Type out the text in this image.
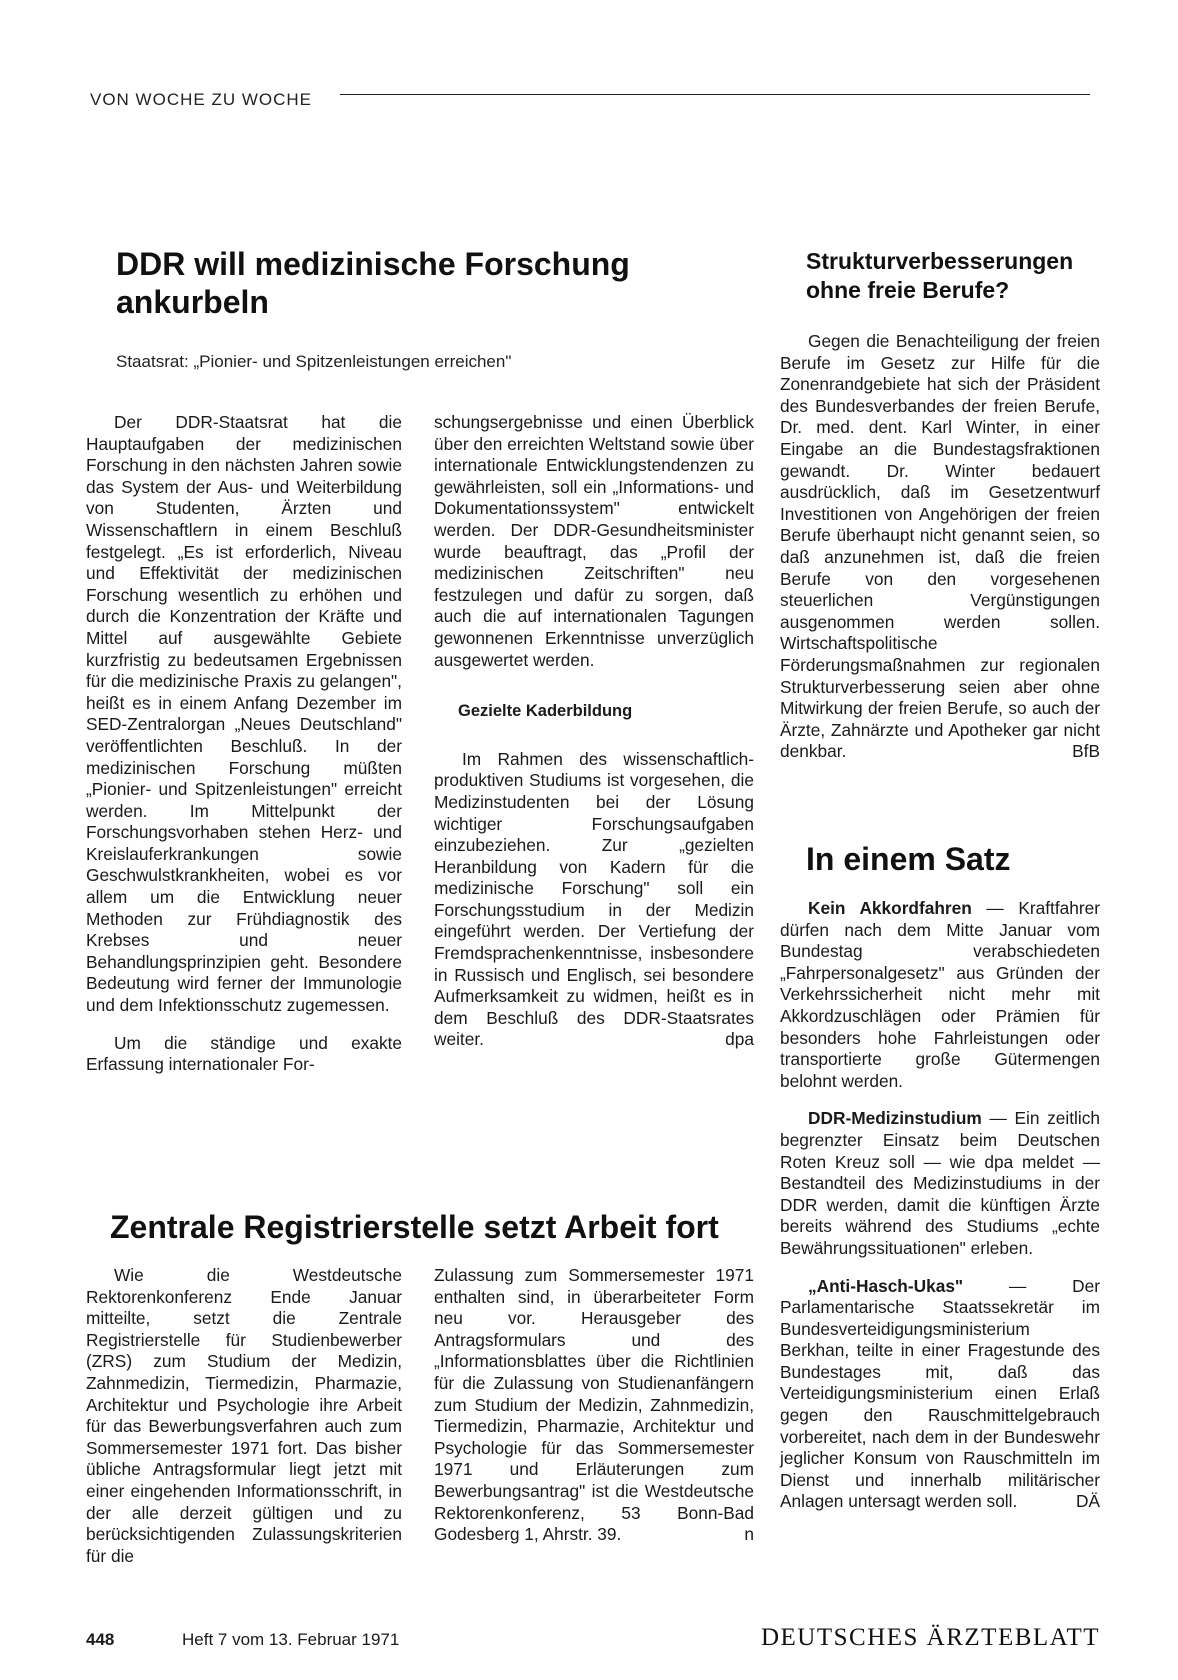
VON WOCHE ZU WOCHE
DDR will medizinische Forschung ankurbeln
Staatsrat: „Pionier- und Spitzenleistungen erreichen"

Der DDR-Staatsrat hat die Hauptaufgaben der medizinischen Forschung in den nächsten Jahren sowie das System der Aus- und Weiterbildung von Studenten, Ärzten und Wissenschaftlern in einem Beschluß festgelegt. „Es ist erforderlich, Niveau und Effektivität der medizinischen Forschung wesentlich zu erhöhen und durch die Konzentration der Kräfte und Mittel auf ausgewählte Gebiete kurzfristig zu bedeutsamen Ergebnissen für die medizinische Praxis zu gelangen", heißt es in einem Anfang Dezember im SED-Zentralorgan „Neues Deutschland" veröffentlichten Beschluß. In der medizinischen Forschung müßten „Pionier- und Spitzenleistungen" erreicht werden. Im Mittelpunkt der Forschungsvorhaben stehen Herz- und Kreislauferkrankungen sowie Geschwulstkrankheiten, wobei es vor allem um die Entwicklung neuer Methoden zur Frühdiagnostik des Krebses und neuer Behandlungsprinzipien geht. Besondere Bedeutung wird ferner der Immunologie und dem Infektionsschutz zugemessen.

Um die ständige und exakte Erfassung internationaler For-

schungsergebnisse und einen Überblick über den erreichten Weltstand sowie über internationale Entwicklungstendenzen zu gewährleisten, soll ein „Informations- und Dokumentationssystem" entwickelt werden. Der DDR-Gesundheitsminister wurde beauftragt, das „Profil der medizinischen Zeitschriften" neu festzulegen und dafür zu sorgen, daß auch die auf internationalen Tagungen gewonnenen Erkenntnisse unverzüglich ausgewertet werden.

Gezielte Kaderbildung

Im Rahmen des wissenschaftlich-produktiven Studiums ist vorgesehen, die Medizinstudenten bei der Lösung wichtiger Forschungsaufgaben einzubeziehen. Zur „gezielten Heranbildung von Kadern für die medizinische Forschung" soll ein Forschungsstudium in der Medizin eingeführt werden. Der Vertiefung der Fremdsprachenkenntnisse, insbesondere in Russisch und Englisch, sei besondere Aufmerksamkeit zu widmen, heißt es in dem Beschluß des DDR-Staatsrates weiter.	dpa

Strukturverbesserungen ohne freie Berufe?

Gegen die Benachteiligung der freien Berufe im Gesetz zur Hilfe für die Zonenrandgebiete hat sich der Präsident des Bundesverbandes der freien Berufe, Dr. med. dent. Karl Winter, in einer Eingabe an die Bundestagsfraktionen gewandt. Dr. Winter bedauert ausdrücklich, daß im Gesetzentwurf Investitionen von Angehörigen der freien Berufe überhaupt nicht genannt seien, so daß anzunehmen ist, daß die freien Berufe von den vorgesehenen steuerlichen Vergünstigungen ausgenommen werden sollen. Wirtschaftspolitische Förderungsmaßnahmen zur regionalen Strukturverbesserung seien aber ohne Mitwirkung der freien Berufe, so auch der Ärzte, Zahnärzte und Apotheker gar nicht denkbar.	BfB

In einem Satz

Kein Akkordfahren — Kraftfahrer dürfen nach dem Mitte Januar vom Bundestag verabschiedeten „Fahrpersonalgesetz" aus Gründen der Verkehrssicherheit nicht mehr mit Akkordzuschlägen oder Prämien für besonders hohe Fahrleistungen oder transportierte große Gütermengen belohnt werden.

DDR-Medizinstudium — Ein zeitlich begrenzter Einsatz beim Deutschen Roten Kreuz soll — wie dpa meldet — Bestandteil des Medizinstudiums in der DDR werden, damit die künftigen Ärzte bereits während des Studiums „echte Bewährungssituationen" erleben.

„Anti-Hasch-Ukas" — Der Parlamentarische Staatssekretär im Bundesverteidigungsministerium Berkhan, teilte in einer Fragestunde des Bundestages mit, daß das Verteidigungsministerium einen Erlaß gegen den Rauschmittelgebrauch vorbereitet, nach dem in der Bundeswehr jeglicher Konsum von Rauschmitteln im Dienst und innerhalb militärischer Anlagen untersagt werden soll.	DÄ

Zentrale Registrierstelle setzt Arbeit fort

Wie die Westdeutsche Rektorenkonferenz Ende Januar mitteilte, setzt die Zentrale Registrierstelle für Studienbewerber (ZRS) zum Studium der Medizin, Zahnmedizin, Tiermedizin, Pharmazie, Architektur und Psychologie ihre Arbeit für das Bewerbungsverfahren auch zum Sommersemester 1971 fort. Das bisher übliche Antragsformular liegt jetzt mit einer eingehenden Informationsschrift, in der alle derzeit gültigen und zu berücksichtigenden Zulassungskriterien für die

Zulassung zum Sommersemester 1971 enthalten sind, in überarbeiteter Form neu vor. Herausgeber des Antragsformulars und des „Informationsblattes über die Richtlinien für die Zulassung von Studienanfängern zum Studium der Medizin, Zahnmedizin, Tiermedizin, Pharmazie, Architektur und Psychologie für das Sommersemester 1971 und Erläuterungen zum Bewerbungsantrag" ist die Westdeutsche Rektorenkonferenz, 53 Bonn-Bad Godesberg 1, Ahrstr. 39.	n

448	Heft 7 vom 13. Februar 1971	DEUTSCHES ÄRZTEBLATT
